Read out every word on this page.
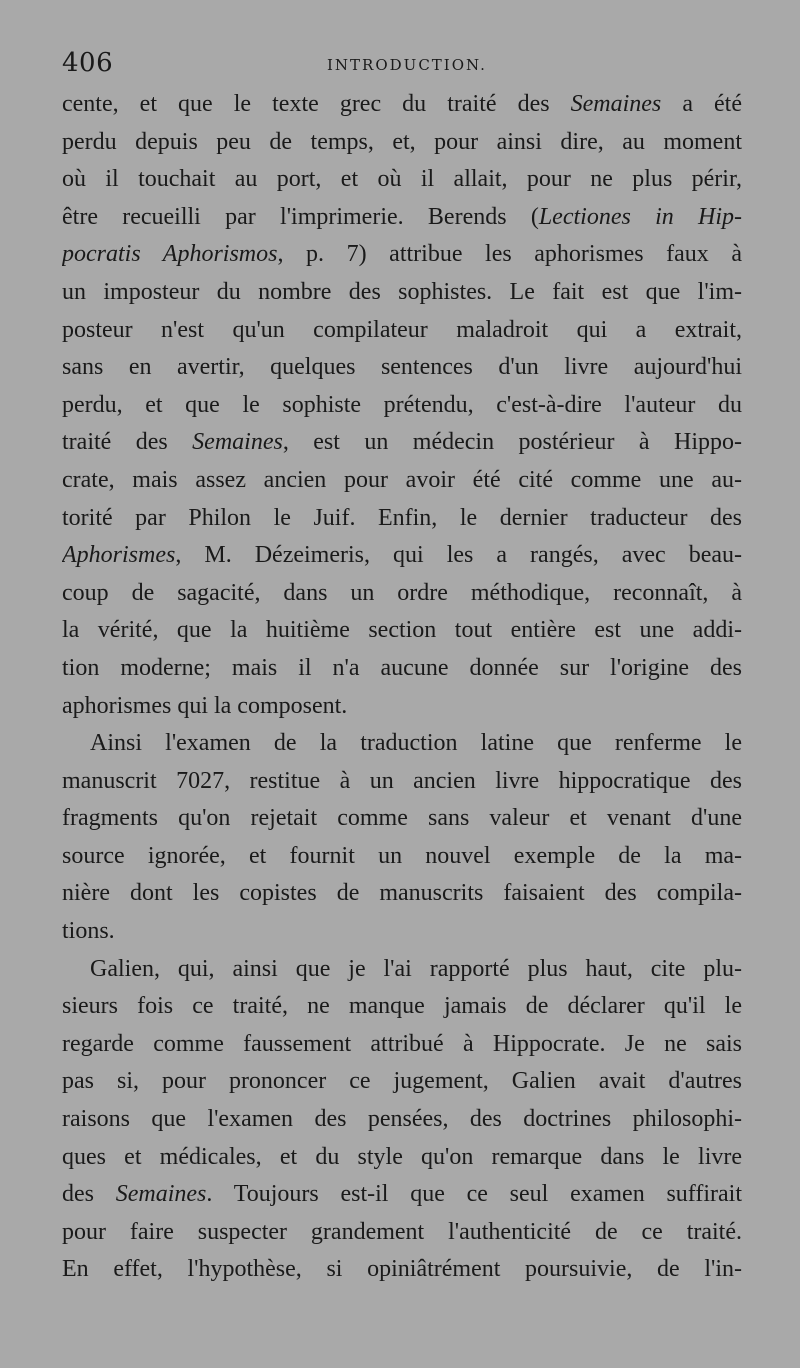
406	INTRODUCTION.
cente, et que le texte grec du traité des Semaines a été
perdu depuis peu de temps, et, pour ainsi dire, au moment
où il touchait au port, et où il allait, pour ne plus périr,
être recueilli par l'imprimerie. Berends (Lectiones in Hip-
pocratis Aphorismos, p. 7) attribue les aphorismes faux à
un imposteur du nombre des sophistes. Le fait est que l'im-
posteur n'est qu'un compilateur maladroit qui a extrait,
sans en avertir, quelques sentences d'un livre aujourd'hui
perdu, et que le sophiste prétendu, c'est-à-dire l'auteur du
traité des Semaines, est un médecin postérieur à Hippo-
crate, mais assez ancien pour avoir été cité comme une au-
torité par Philon le Juif. Enfin, le dernier traducteur des
Aphorismes, M. Dézeimeris, qui les a rangés, avec beau-
coup de sagacité, dans un ordre méthodique, reconnaît, à
la vérité, que la huitième section tout entière est une addi-
tion moderne; mais il n'a aucune donnée sur l'origine des
aphorismes qui la composent.
Ainsi l'examen de la traduction latine que renferme le
manuscrit 7027, restitue à un ancien livre hippocratique des
fragments qu'on rejetait comme sans valeur et venant d'une
source ignorée, et fournit un nouvel exemple de la ma-
nière dont les copistes de manuscrits faisaient des compila-
tions.
Galien, qui, ainsi que je l'ai rapporté plus haut, cite plu-
sieurs fois ce traité, ne manque jamais de déclarer qu'il le
regarde comme faussement attribué à Hippocrate. Je ne sais
pas si, pour prononcer ce jugement, Galien avait d'autres
raisons que l'examen des pensées, des doctrines philosophi-
ques et médicales, et du style qu'on remarque dans le livre
des Semaines. Toujours est-il que ce seul examen suffirait
pour faire suspecter grandement l'authenticité de ce traité.
En effet, l'hypothèse, si opiniâtrément poursuivie, de l'in-
